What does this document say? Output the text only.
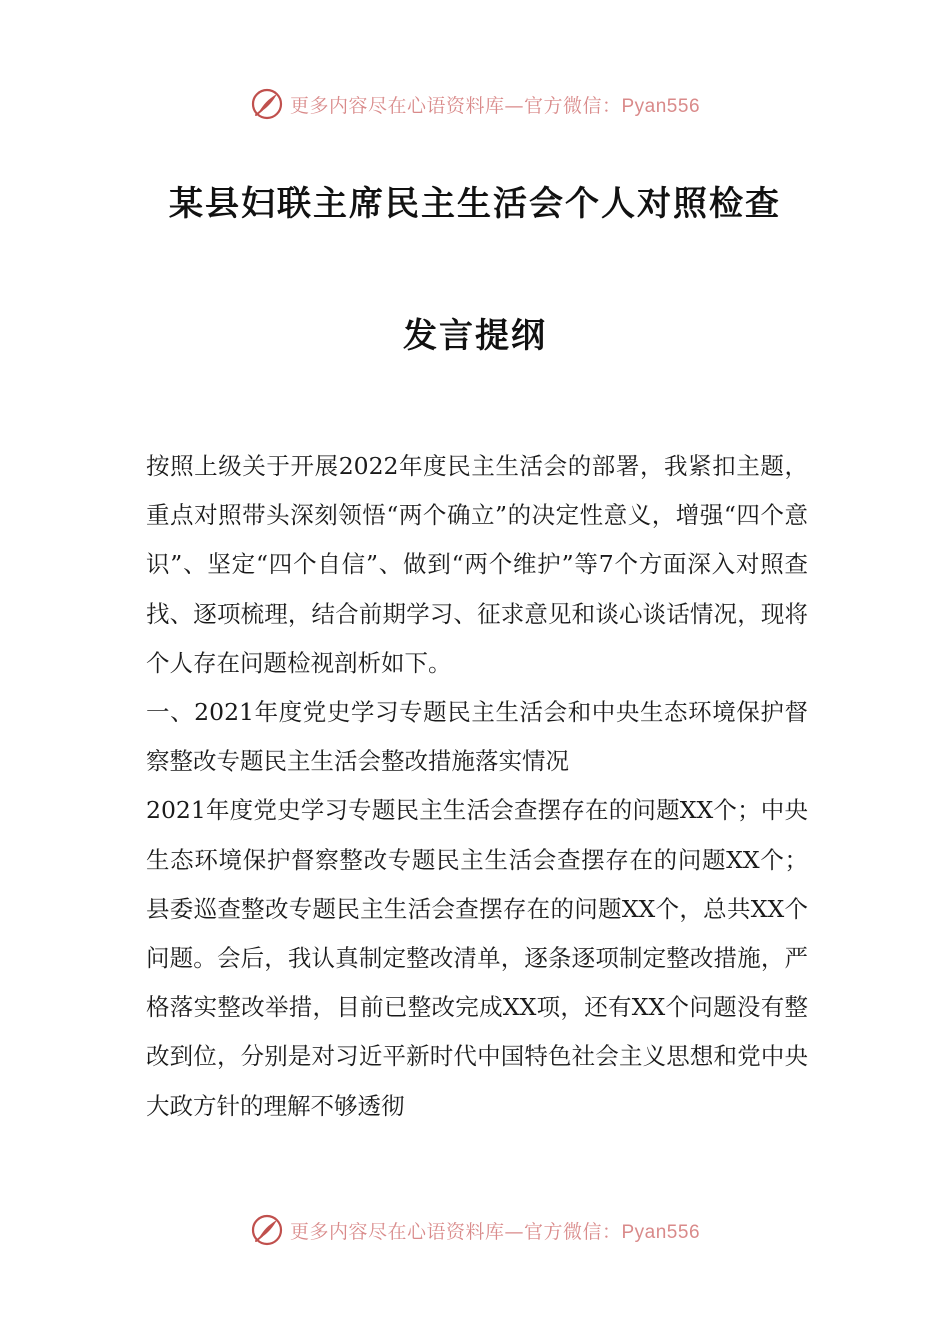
更多内容尽在心语资料库—官方微信：Pyan556
某县妇联主席民主生活会个人对照检查
发言提纲

按照上级关于开展2022年度民主生活会的部署，我紧扣主题，重点对照带头深刻领悟“两个确立”的决定性意义，增强“四个意识”、坚定“四个自信”、做到“两个维护”等7个方面深入对照查找、逐项梳理，结合前期学习、征求意见和谈心谈话情况，现将个人存在问题检视剖析如下。

一、2021年度党史学习专题民主生活会和中央生态环境保护督察整改专题民主生活会整改措施落实情况

2021年度党史学习专题民主生活会查摆存在的问题XX个；中央生态环境保护督察整改专题民主生活会查摆存在的问题XX个；县委巡查整改专题民主生活会查摆存在的问题XX个，总共XX个问题。会后，我认真制定整改清单，逐条逐项制定整改措施，严格落实整改举措，目前已整改完成XX项，还有XX个问题没有整改到位，分别是对习近平新时代中国特色社会主义思想和党中央大政方针的理解不够透彻

更多内容尽在心语资料库—官方微信：Pyan556
